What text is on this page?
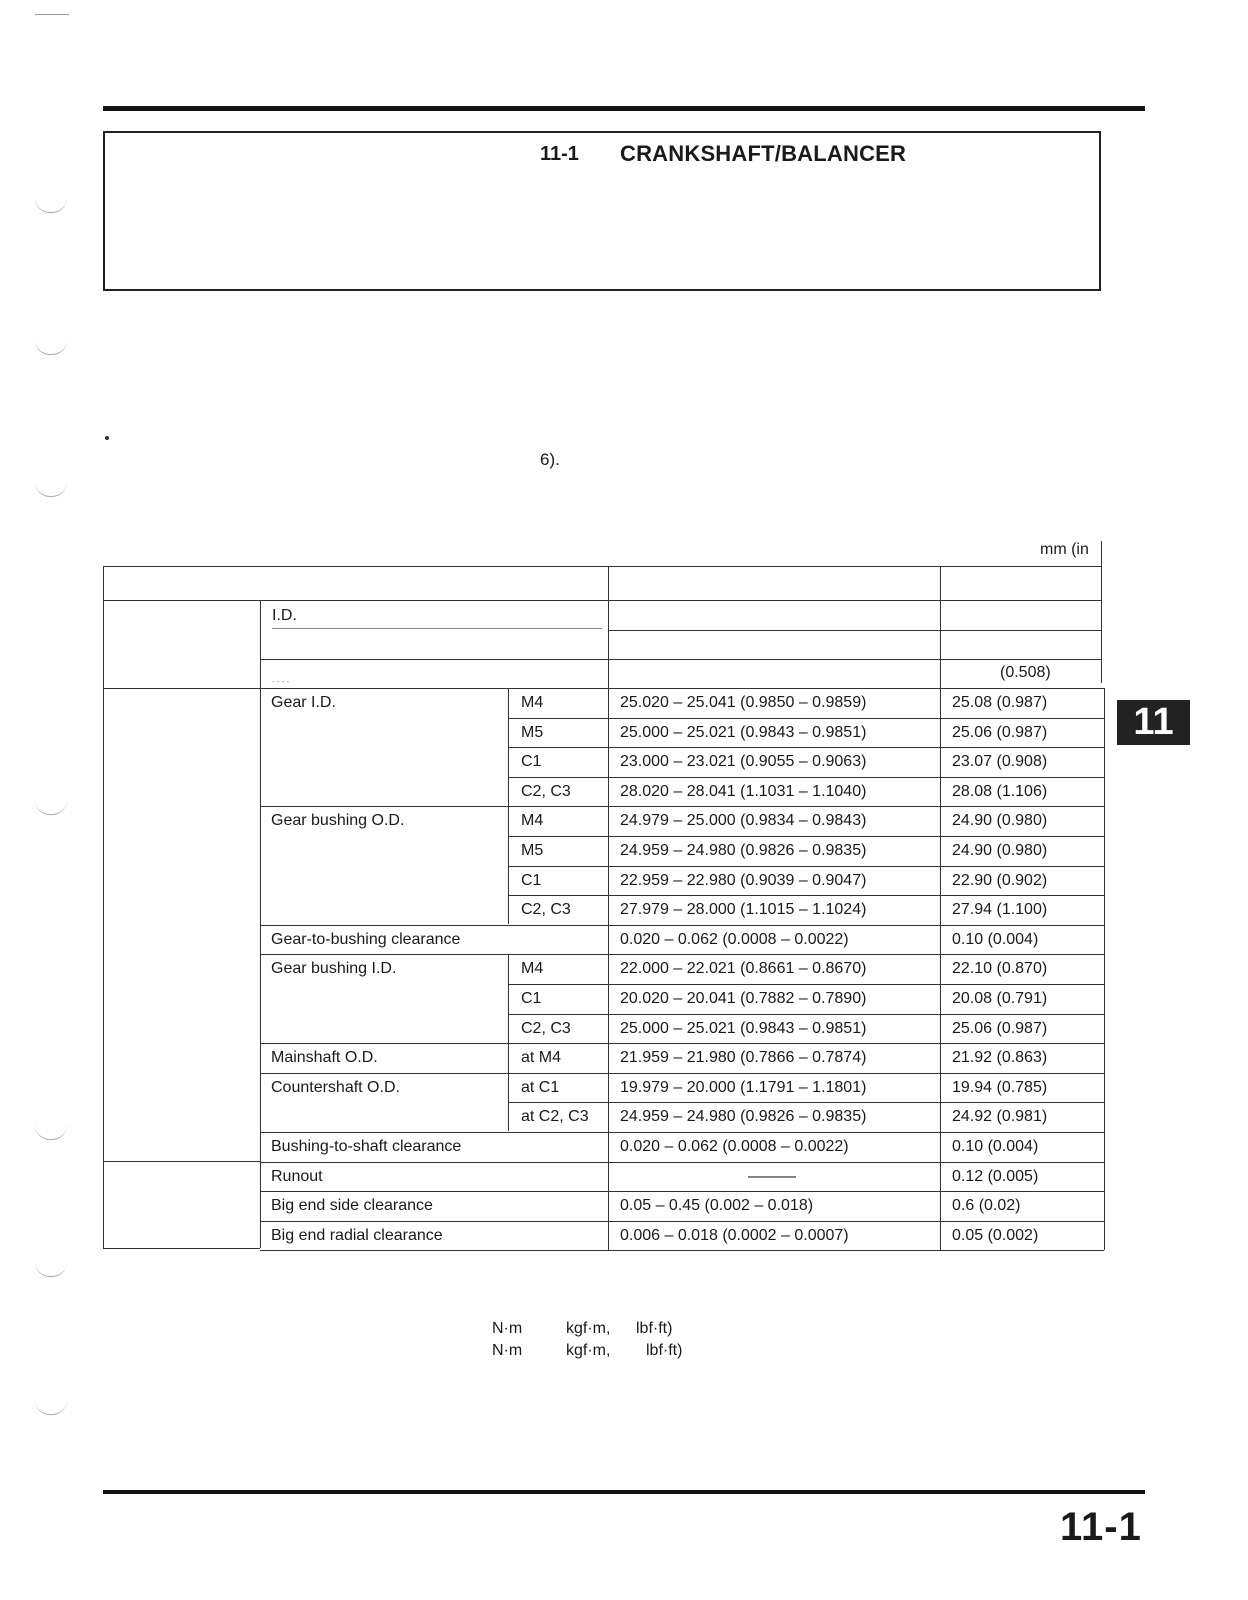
11-1 CRANKSHAFT/BALANCER
6).
mm (in
11
I.D.
(0.508)
- - - -
Gear I.D.	M4	25.020 – 25.041 (0.9850 – 0.9859)	25.08 (0.987)
M5	25.000 – 25.021 (0.9843 – 0.9851)	25.06 (0.987)
C1	23.000 – 23.021 (0.9055 – 0.9063)	23.07 (0.908)
C2, C3	28.020 – 28.041 (1.1031 – 1.1040)	28.08 (1.106)
Gear bushing O.D.	M4	24.979 – 25.000 (0.9834 – 0.9843)	24.90 (0.980)
M5	24.959 – 24.980 (0.9826 – 0.9835)	24.90 (0.980)
C1	22.959 – 22.980 (0.9039 – 0.9047)	22.90 (0.902)
C2, C3	27.979 – 28.000 (1.1015 – 1.1024)	27.94 (1.100)
Gear-to-bushing clearance	0.020 – 0.062 (0.0008 – 0.0022)	0.10 (0.004)
Gear bushing I.D.	M4	22.000 – 22.021 (0.8661 – 0.8670)	22.10 (0.870)
C1	20.020 – 20.041 (0.7882 – 0.7890)	20.08 (0.791)
C2, C3	25.000 – 25.021 (0.9843 – 0.9851)	25.06 (0.987)
Mainshaft O.D.	at M4	21.959 – 21.980 (0.7866 – 0.7874)	21.92 (0.863)
Countershaft O.D.	at C1	19.979 – 20.000 (1.1791 – 1.1801)	19.94 (0.785)
at C2, C3 24.959 – 24.980 (0.9826 – 0.9835)	24.92 (0.981)
Bushing-to-shaft clearance	0.020 – 0.062 (0.0008 – 0.0022)	0.10 (0.004)
Runout	———	0.12 (0.005)
Big end side clearance	0.05 – 0.45 (0.002 – 0.018)	0.6 (0.02)
Big end radial clearance	0.006 – 0.018 (0.0002 – 0.0007)	0.05 (0.002)
N·m	kgf·m, lbf·ft)
N·m	kgf·m, lbf·ft)
11-1
